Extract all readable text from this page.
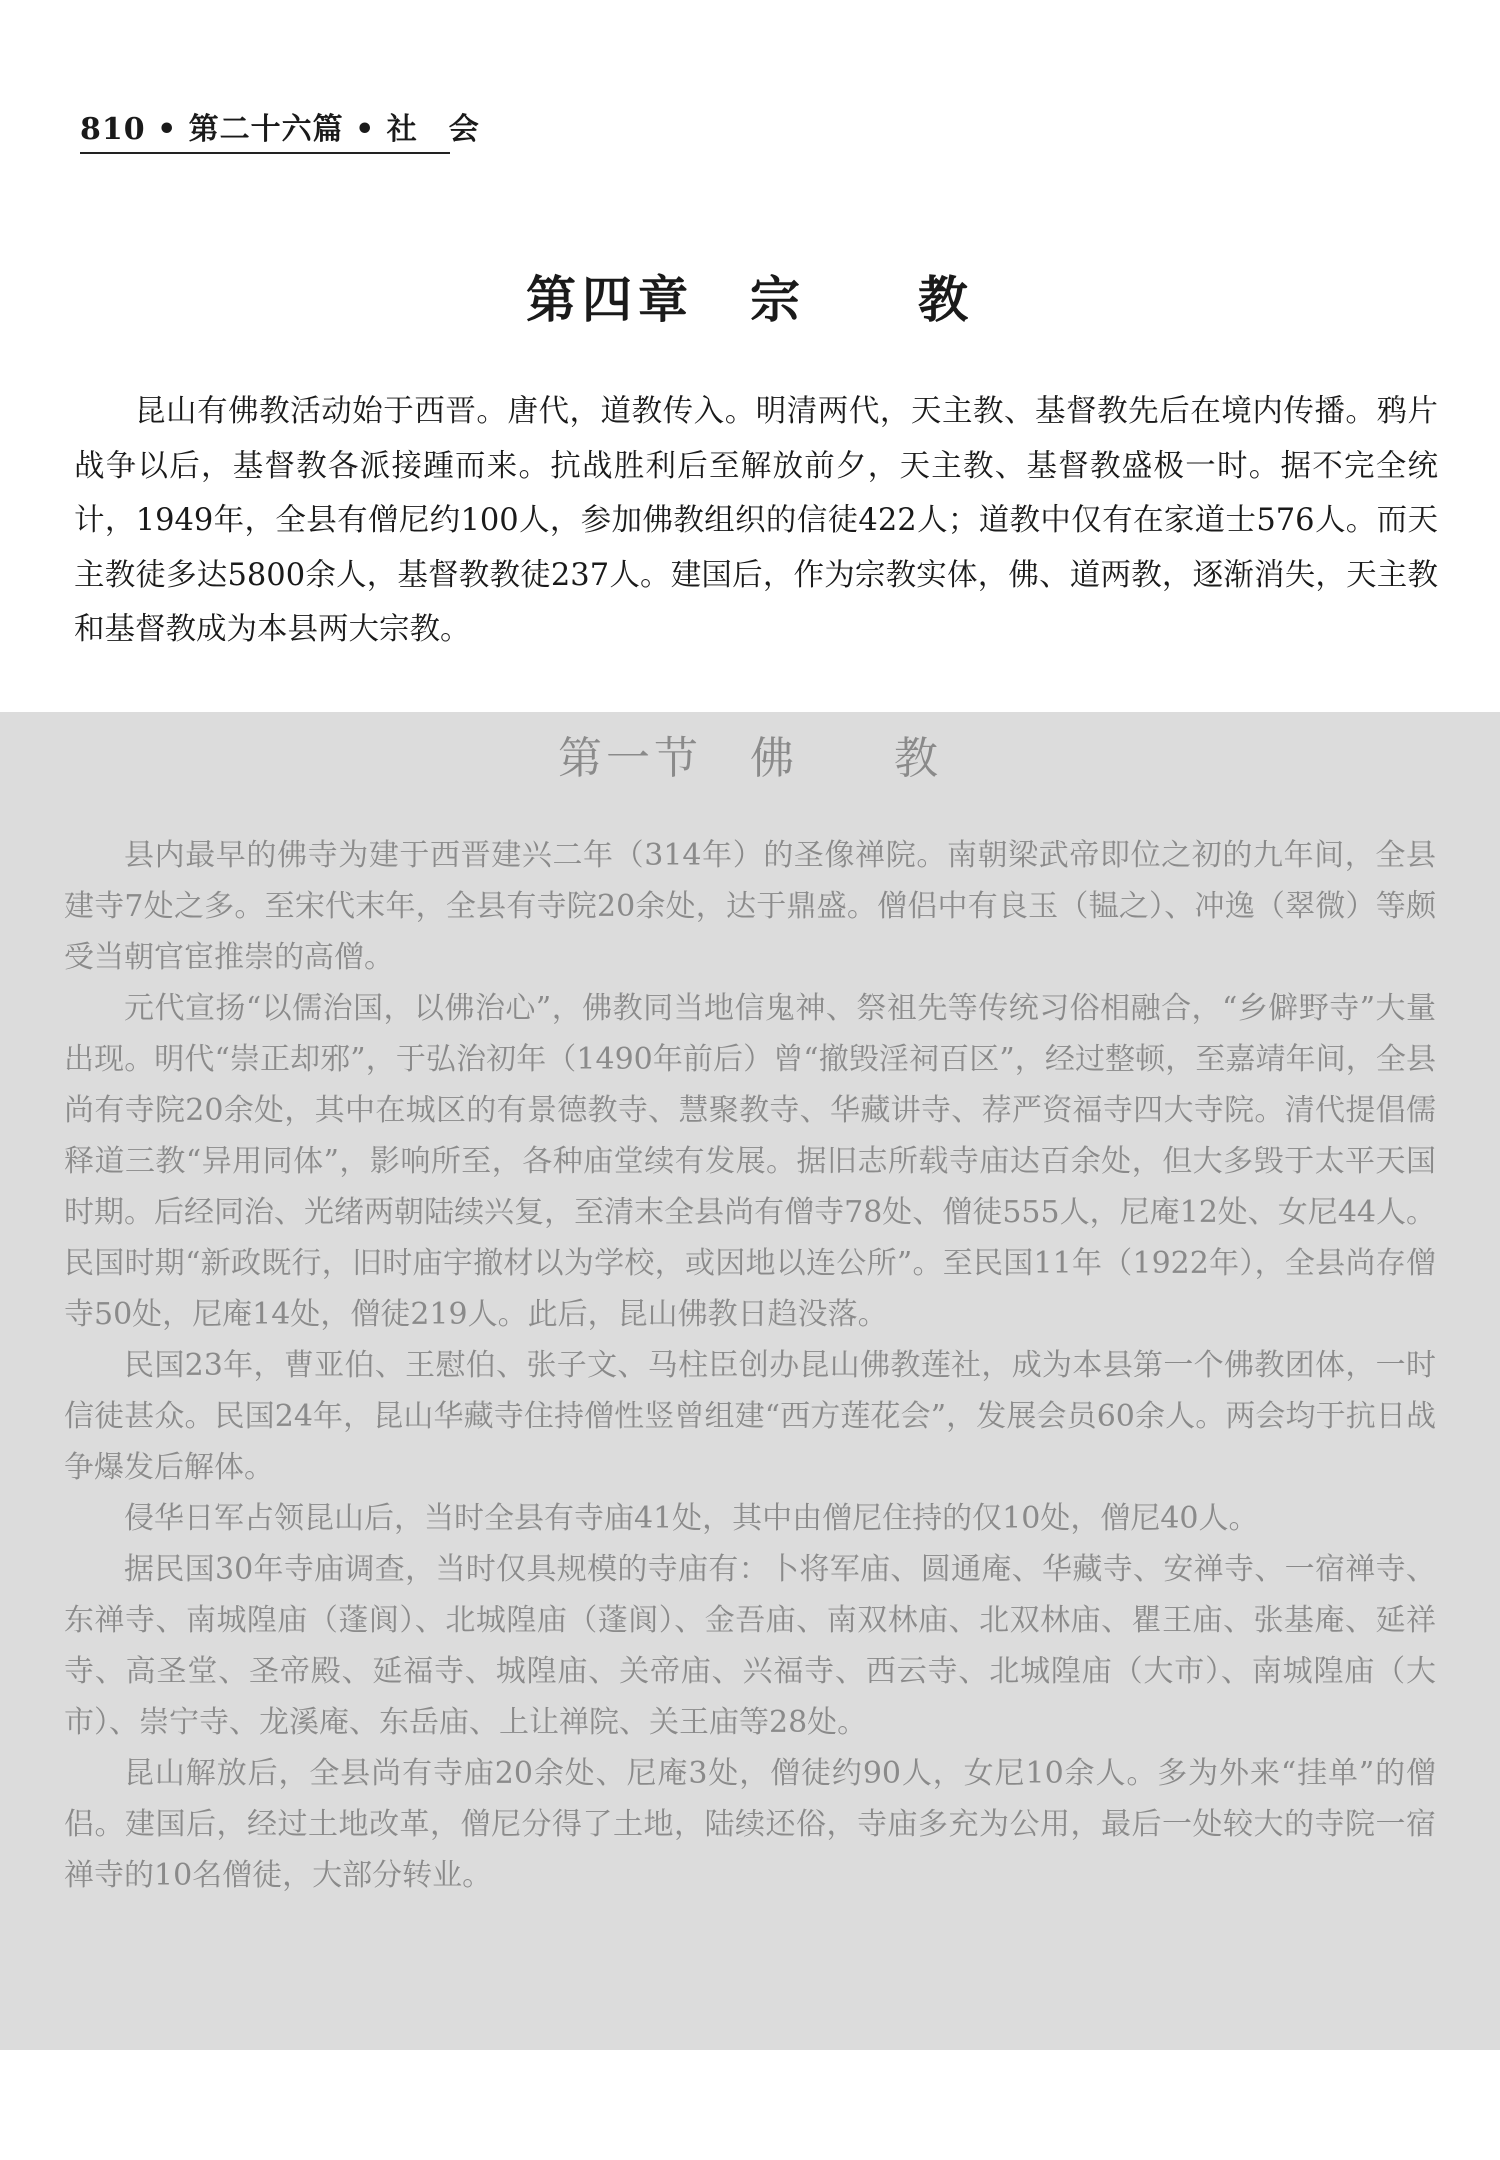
810 • 第二十六篇 • 社　会
第四章　宗　　教

昆山有佛教活动始于西晋。唐代，道教传入。明清两代，天主教、基督教先后在境内传播。鸦片战争以后，基督教各派接踵而来。抗战胜利后至解放前夕，天主教、基督教盛极一时。据不完全统计，1949年，全县有僧尼约100人，参加佛教组织的信徒422人；道教中仅有在家道士576人。而天主教徒多达5800余人，基督教教徒237人。建国后，作为宗教实体，佛、道两教，逐渐消失，天主教和基督教成为本县两大宗教。

第一节　佛　　教

县内最早的佛寺为建于西晋建兴二年（314年）的圣像禅院。南朝梁武帝即位之初的九年间，全县建寺7处之多。至宋代末年，全县有寺院20余处，达于鼎盛。僧侣中有良玉（韫之）、冲逸（翠微）等颇受当朝官宦推崇的高僧。

元代宣扬“以儒治国，以佛治心”，佛教同当地信鬼神、祭祖先等传统习俗相融合，“乡僻野寺”大量出现。明代“崇正却邪”，于弘治初年（1490年前后）曾“撤毁淫祠百区”，经过整顿，至嘉靖年间，全县尚有寺院20余处，其中在城区的有景德教寺、慧聚教寺、华藏讲寺、荐严资福寺四大寺院。清代提倡儒释道三教“异用同体”，影响所至，各种庙堂续有发展。据旧志所载寺庙达百余处，但大多毁于太平天国时期。后经同治、光绪两朝陆续兴复，至清末全县尚有僧寺78处、僧徒555人，尼庵12处、女尼44人。民国时期“新政既行，旧时庙宇撤材以为学校，或因地以连公所”。至民国11年（1922年），全县尚存僧寺50处，尼庵14处，僧徒219人。此后，昆山佛教日趋没落。

民国23年，曹亚伯、王慰伯、张子文、马柱臣创办昆山佛教莲社，成为本县第一个佛教团体，一时信徒甚众。民国24年，昆山华藏寺住持僧性竖曾组建“西方莲花会”，发展会员60余人。两会均于抗日战争爆发后解体。

侵华日军占领昆山后，当时全县有寺庙41处，其中由僧尼住持的仅10处，僧尼40人。

据民国30年寺庙调查，当时仅具规模的寺庙有：卜将军庙、圆通庵、华藏寺、安禅寺、一宿禅寺、东禅寺、南城隍庙（蓬阆）、北城隍庙（蓬阆）、金吾庙、南双林庙、北双林庙、瞿王庙、张基庵、延祥寺、高圣堂、圣帝殿、延福寺、城隍庙、关帝庙、兴福寺、西云寺、北城隍庙（大市）、南城隍庙（大市）、崇宁寺、龙溪庵、东岳庙、上让禅院、关王庙等28处。

昆山解放后，全县尚有寺庙20余处、尼庵3处，僧徒约90人，女尼10余人。多为外来“挂单”的僧侣。建国后，经过土地改革，僧尼分得了土地，陆续还俗，寺庙多充为公用，最后一处较大的寺院一宿禅寺的10名僧徒，大部分转业。
